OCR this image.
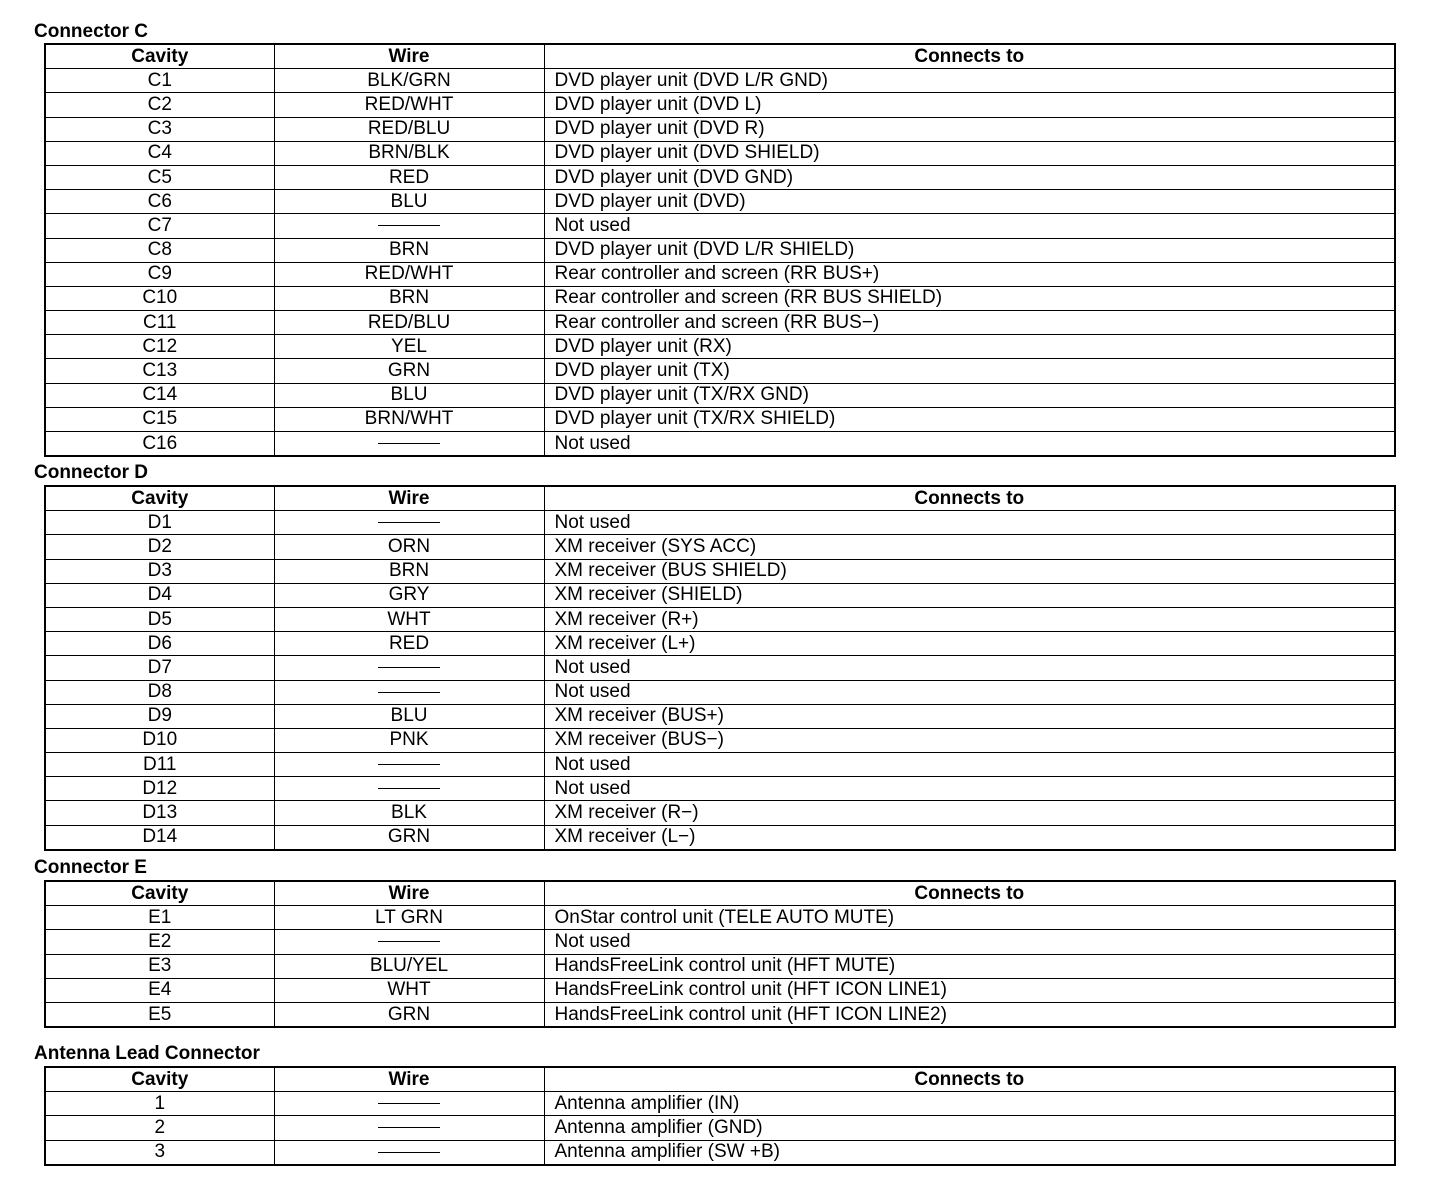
Connector C
Cavity	Wire	Connects to
C1	BLK/GRN	DVD player unit (DVD L/R GND)
C2	RED/WHT	DVD player unit (DVD L)
C3	RED/BLU	DVD player unit (DVD R)
C4	BRN/BLK	DVD player unit (DVD SHIELD)
C5	RED	DVD player unit (DVD GND)
C6	BLU	DVD player unit (DVD)
C7		Not used
C8	BRN	DVD player unit (DVD L/R SHIELD)
C9	RED/WHT	Rear controller and screen (RR BUS+)
C10	BRN	Rear controller and screen (RR BUS SHIELD)
C11	RED/BLU	Rear controller and screen (RR BUS−)
C12	YEL	DVD player unit (RX)
C13	GRN	DVD player unit (TX)
C14	BLU	DVD player unit (TX/RX GND)
C15	BRN/WHT	DVD player unit (TX/RX SHIELD)
C16		Not used
Connector D
Cavity	Wire	Connects to
D1		Not used
D2	ORN	XM receiver (SYS ACC)
D3	BRN	XM receiver (BUS SHIELD)
D4	GRY	XM receiver (SHIELD)
D5	WHT	XM receiver (R+)
D6	RED	XM receiver (L+)
D7		Not used
D8		Not used
D9	BLU	XM receiver (BUS+)
D10	PNK	XM receiver (BUS−)
D11		Not used
D12		Not used
D13	BLK	XM receiver (R−)
D14	GRN	XM receiver (L−)
Connector E
Cavity	Wire	Connects to
E1	LT GRN	OnStar control unit (TELE AUTO MUTE)
E2		Not used
E3	BLU/YEL	HandsFreeLink control unit (HFT MUTE)
E4	WHT	HandsFreeLink control unit (HFT ICON LINE1)
E5	GRN	HandsFreeLink control unit (HFT ICON LINE2)
Antenna Lead Connector
Cavity	Wire	Connects to
1		Antenna amplifier (IN)
2		Antenna amplifier (GND)
3		Antenna amplifier (SW +B)
